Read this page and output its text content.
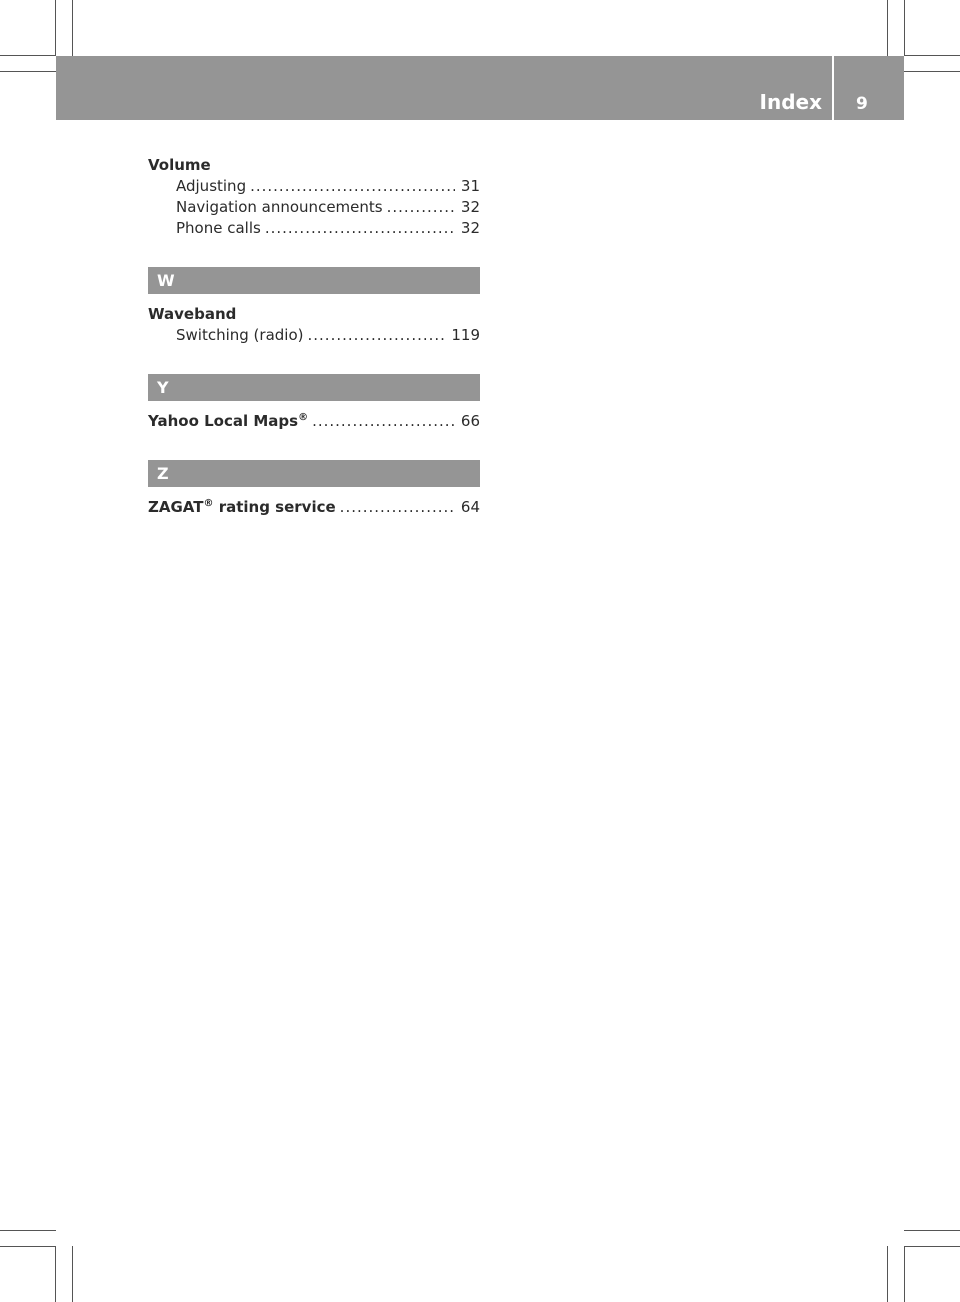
Index 9
Volume
Adjusting .....	31
Navigation announcements .....	32
Phone calls .....	32
W
Waveband
Switching (radio) .....	119
Y
Yahoo Local Maps® .....	66
Z
ZAGAT® rating service .....	64
